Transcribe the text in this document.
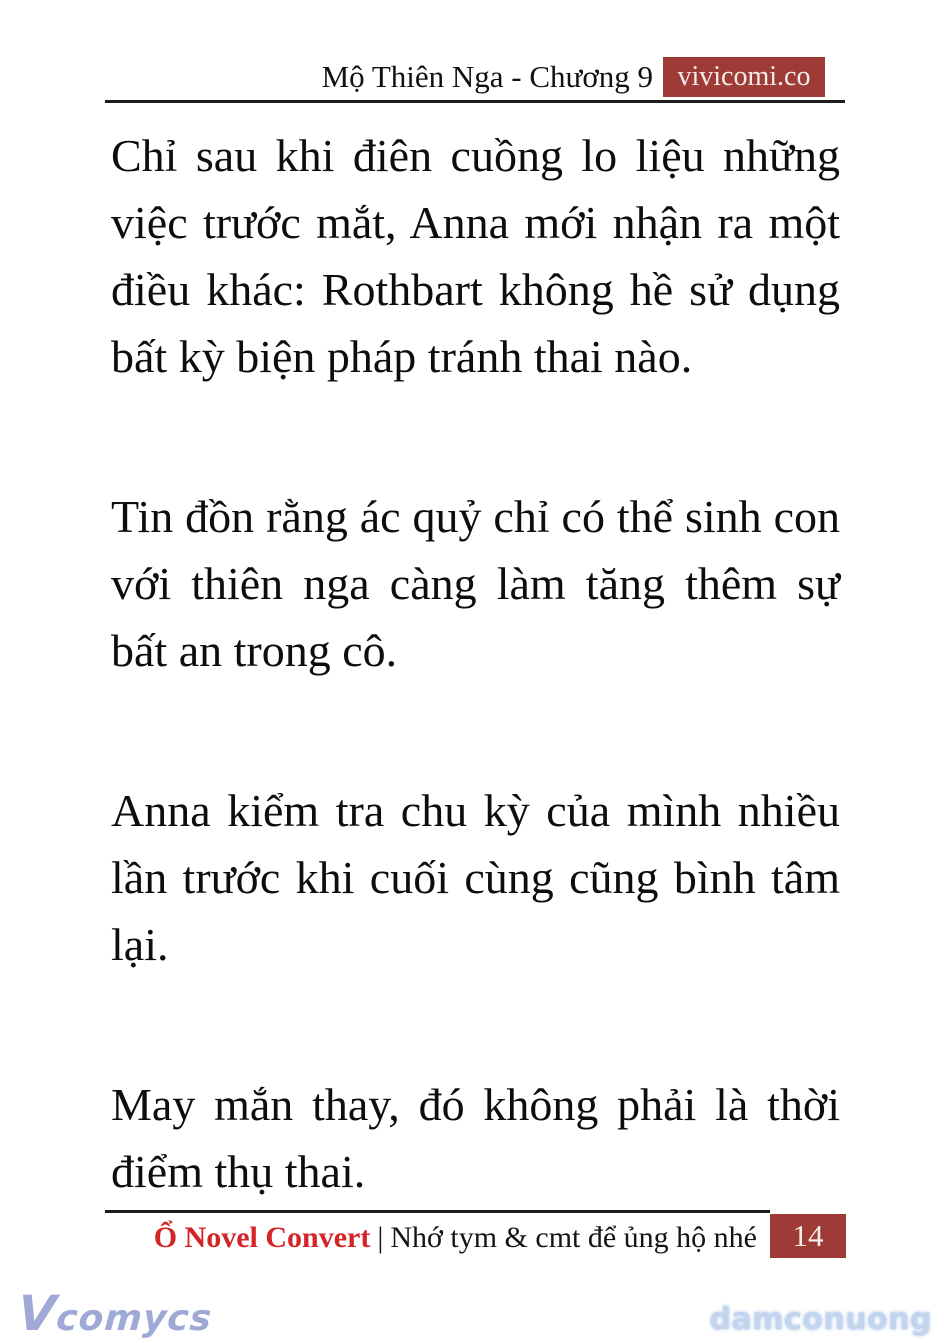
Mộ Thiên Nga - Chương 9 vivicomi.co

Chỉ sau khi điên cuồng lo liệu những việc trước mắt, Anna mới nhận ra một điều khác: Rothbart không hề sử dụng bất kỳ biện pháp tránh thai nào.

Tin đồn rằng ác quỷ chỉ có thể sinh con với thiên nga càng làm tăng thêm sự bất an trong cô.

Anna kiểm tra chu kỳ của mình nhiều lần trước khi cuối cùng cũng bình tâm lại.

May mắn thay, đó không phải là thời điểm thụ thai.

Ổ Novel Convert | Nhớ tym & cmt để ủng hộ nhé	14
Vcomycs	damconuong
